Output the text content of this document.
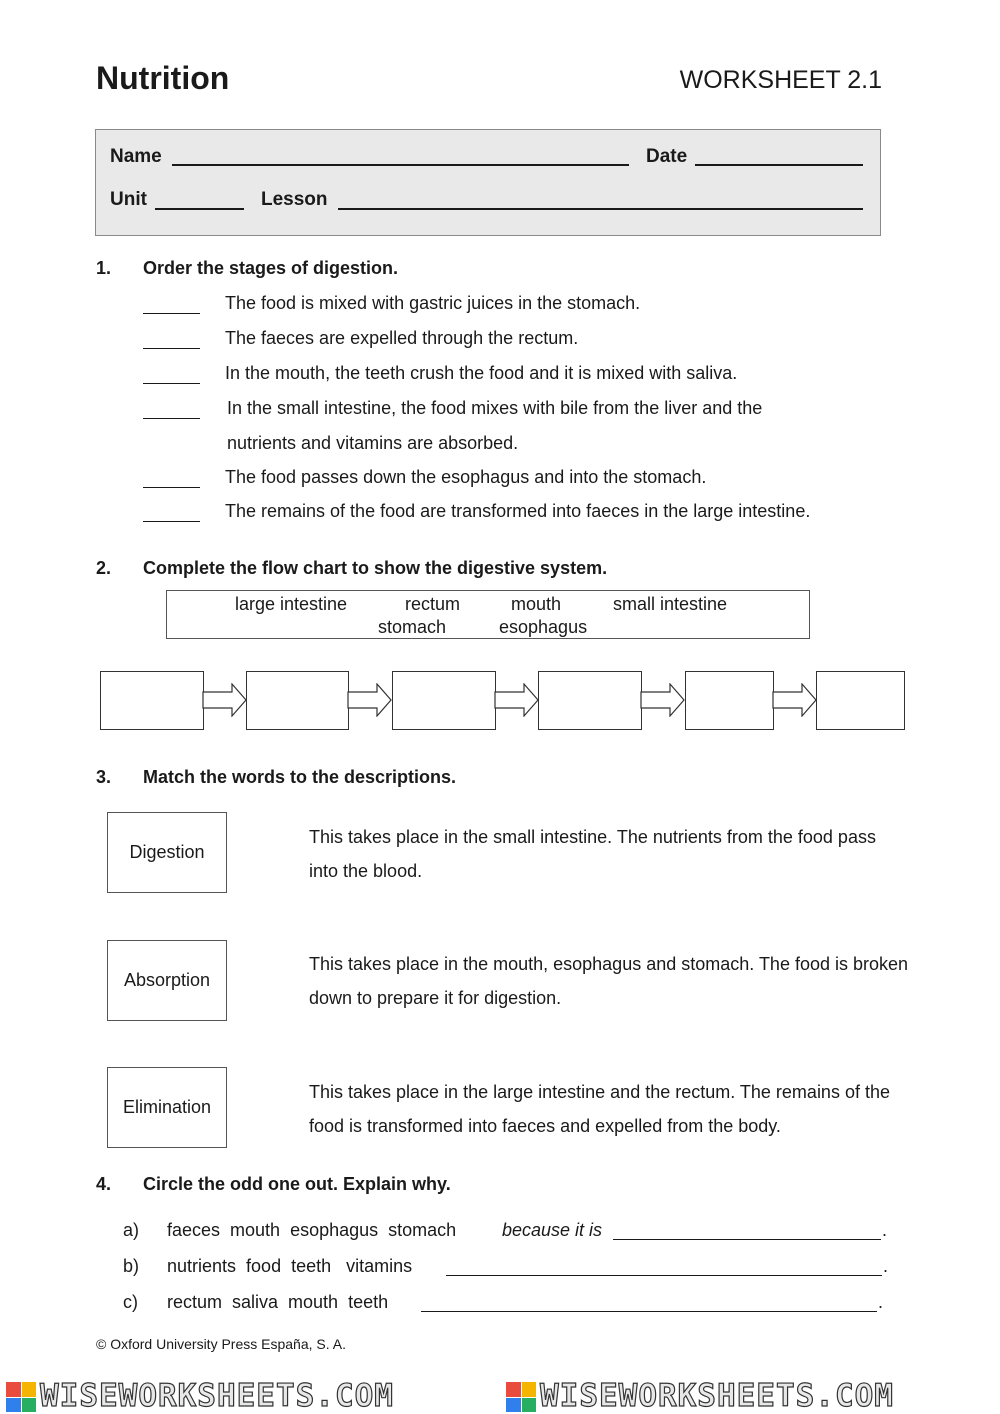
Nutrition	WORKSHEET 2.1
Name	Date
Unit	Lesson
1. Order the stages of digestion.
The food is mixed with gastric juices in the stomach.
The faeces are expelled through the rectum.
In the mouth, the teeth crush the food and it is mixed with saliva.
In the small intestine, the food mixes with bile from the liver and the
nutrients and vitamins are absorbed.
The food passes down the esophagus and into the stomach.
The remains of the food are transformed into faeces in the large intestine.
2. Complete the flow chart to show the digestive system.
large intestine	rectum	mouth	small intestine
stomach	esophagus
3. Match the words to the descriptions.
Digestion
This takes place in the small intestine. The nutrients from the food pass into the blood.
Absorption
This takes place in the mouth, esophagus and stomach. The food is broken down to prepare it for digestion.
Elimination
This takes place in the large intestine and the rectum. The remains of the food is transformed into faeces and expelled from the body.
4. Circle the odd one out. Explain why.
a) faeces  mouth  esophagus  stomach	because it is	.
b) nutrients  food  teeth   vitamins	.
c) rectum  saliva  mouth  teeth	.
© Oxford University Press España, S. A.
WISEWORKSHEETS.COM	WISEWORKSHEETS.COM
